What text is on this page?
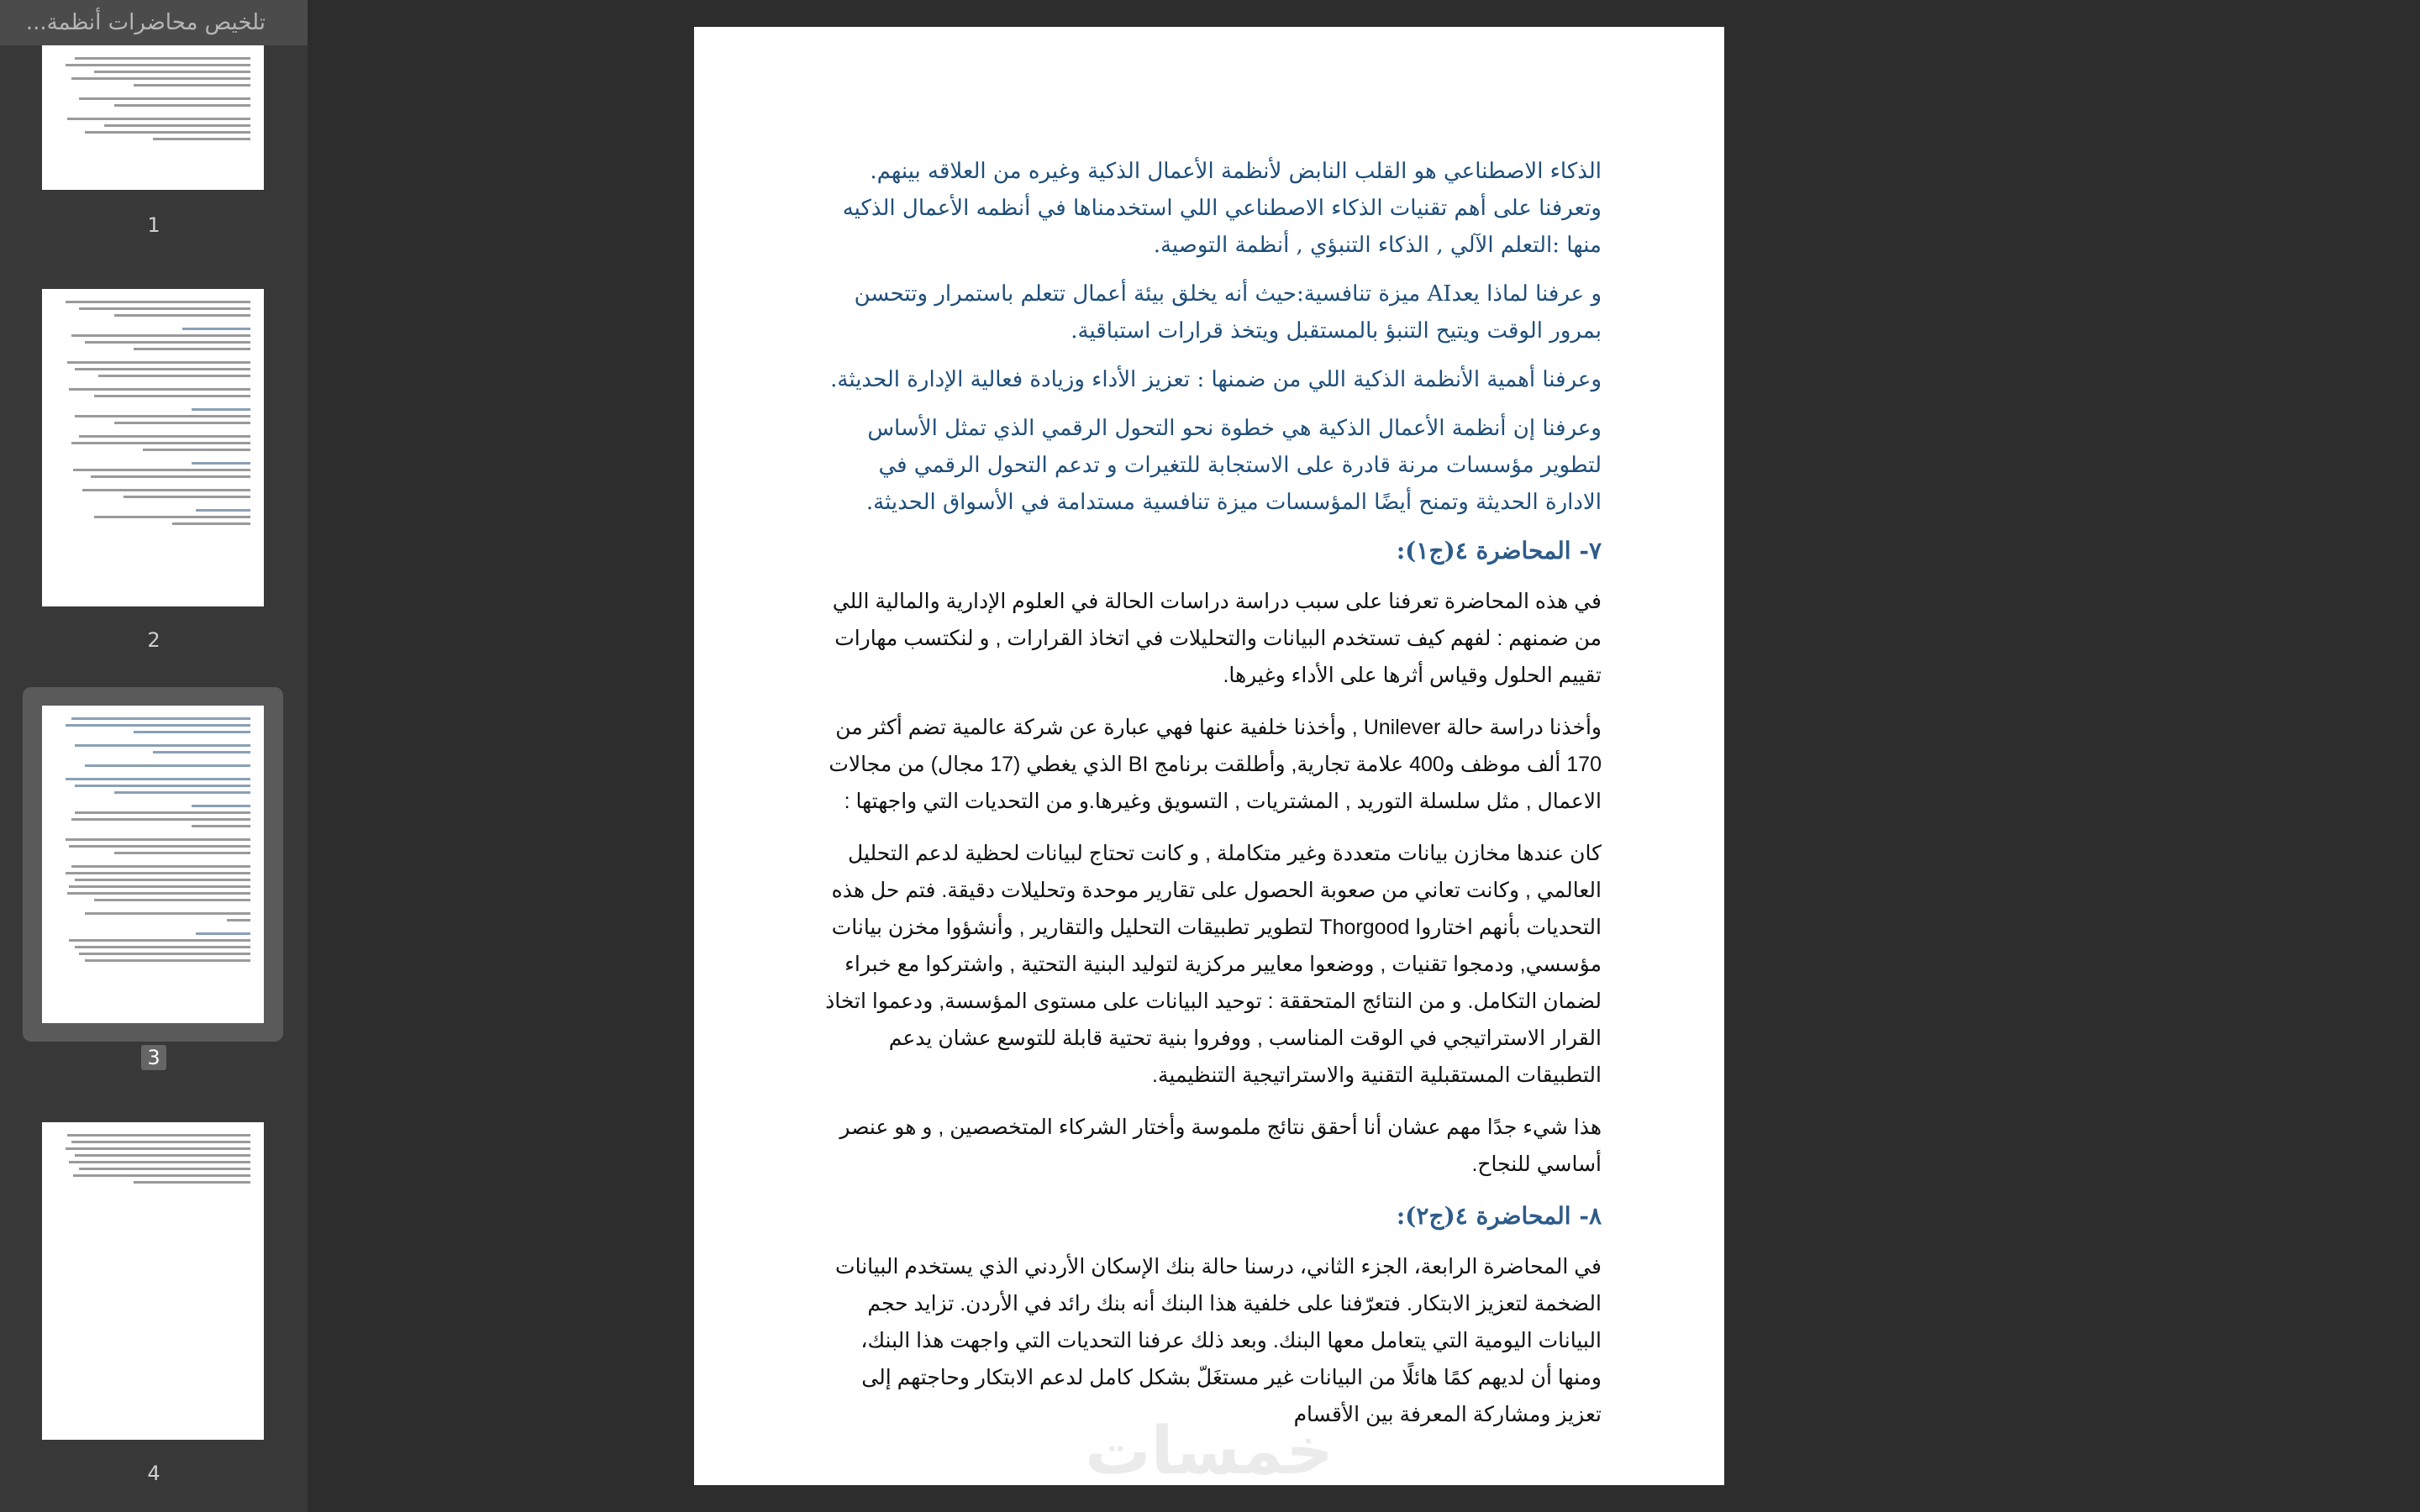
تلخيص محاضرات أنظمة...
1
2
3
4

الذكاء الاصطناعي هو القلب النابض لأنظمة الأعمال الذكية وغيره من العلاقه بينهم. وتعرفنا على أهم تقنيات الذكاء الاصطناعي اللي استخدمناها في أنظمه الأعمال الذكيه منها :التعلم الآلي , الذكاء التنبؤي , أنظمة التوصية.

و عرفنا لماذا يعدAI ميزة تنافسية:حيث أنه يخلق بيئة أعمال تتعلم باستمرار وتتحسن بمرور الوقت ويتيح التنبؤ بالمستقبل ويتخذ قرارات استباقية.

وعرفنا أهمية الأنظمة الذكية اللي من ضمنها : تعزيز الأداء وزيادة فعالية الإدارة الحديثة.

وعرفنا إن أنظمة الأعمال الذكية هي خطوة نحو التحول الرقمي الذي تمثل الأساس لتطوير مؤسسات مرنة قادرة على الاستجابة للتغيرات و تدعم التحول الرقمي في الادارة الحديثة وتمنح أيضًا المؤسسات ميزة تنافسية مستدامة في الأسواق الحديثة.

٧- المحاضرة ٤(ج١):

في هذه المحاضرة تعرفنا على سبب دراسة دراسات الحالة في العلوم الإدارية والمالية اللي من ضمنهم : لفهم كيف تستخدم البيانات والتحليلات في اتخاذ القرارات , و لنكتسب مهارات تقييم الحلول وقياس أثرها على الأداء وغيرها.

وأخذنا دراسة حالة Unilever , وأخذنا خلفية عنها فهي عبارة عن شركة عالمية تضم أكثر من 170 ألف موظف و400 علامة تجارية, وأطلقت برنامج BI الذي يغطي (17 مجال) من مجالات الاعمال , مثل سلسلة التوريد , المشتريات , التسويق وغيرها.و من التحديات التي واجهتها :

كان عندها مخازن بيانات متعددة وغير متكاملة , و كانت تحتاج لبيانات لحظية لدعم التحليل العالمي , وكانت تعاني من صعوبة الحصول على تقارير موحدة وتحليلات دقيقة. فتم حل هذه التحديات بأنهم اختاروا Thorgood لتطوير تطبيقات التحليل والتقارير , وأنشؤوا مخزن بيانات مؤسسي, ودمجوا تقنيات , ووضعوا معايير مركزية لتوليد البنية التحتية , واشتركوا مع خبراء لضمان التكامل. و من النتائج المتحققة : توحيد البيانات على مستوى المؤسسة, ودعموا اتخاذ القرار الاستراتيجي في الوقت المناسب , ووفروا بنية تحتية قابلة للتوسع عشان يدعم التطبيقات المستقبلية التقنية والاستراتيجية التنظيمية.

هذا شيء جدًا مهم عشان أنا أحقق نتائج ملموسة وأختار الشركاء المتخصصين , و هو عنصر أساسي للنجاح.

٨- المحاضرة ٤(ج٢):

في المحاضرة الرابعة، الجزء الثاني، درسنا حالة بنك الإسكان الأردني الذي يستخدم البيانات الضخمة لتعزيز الابتكار. فتعرّفنا على خلفية هذا البنك أنه بنك رائد في الأردن. تزايد حجم البيانات اليومية التي يتعامل معها البنك. وبعد ذلك عرفنا التحديات التي واجهت هذا البنك، ومنها أن لديهم كمًا هائلًا من البيانات غير مستغَلّ بشكل كامل لدعم الابتكار وحاجتهم إلى تعزيز ومشاركة المعرفة بين الأقسام

خمسات
